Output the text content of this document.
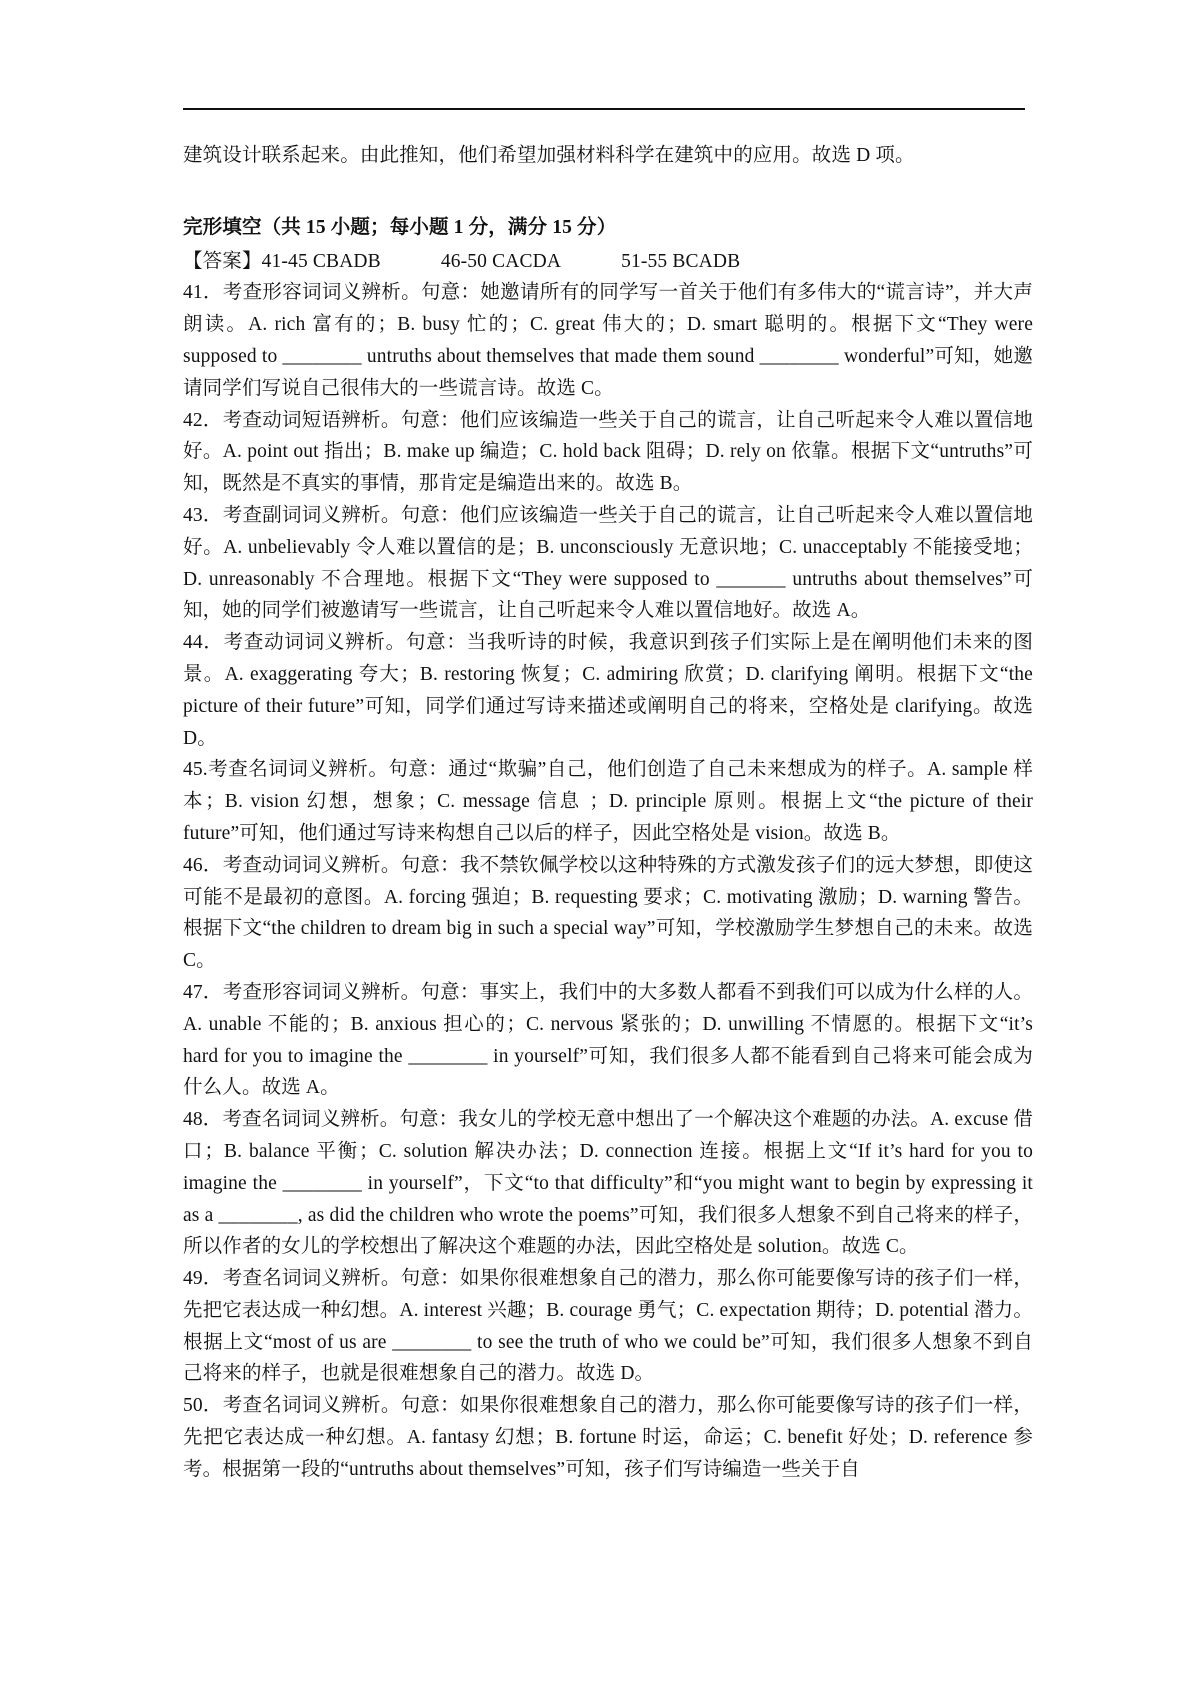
建筑设计联系起来。由此推知，他们希望加强材料科学在建筑中的应用。故选 D 项。

完形填空（共 15 小题；每小题 1 分，满分 15 分）

【答案】41-45 CBADB	46-50 CACDA	51-55 BCADB

41．考查形容词词义辨析。句意：她邀请所有的同学写一首关于他们有多伟大的“谎言诗”，并大声朗读。A. rich 富有的；B. busy 忙的；C. great 伟大的；D. smart 聪明的。根据下文“They were supposed to ________ untruths about themselves that made them sound ________ wonderful”可知，她邀请同学们写说自己很伟大的一些谎言诗。故选 C。

42．考查动词短语辨析。句意：他们应该编造一些关于自己的谎言，让自己听起来令人难以置信地好。A. point out 指出；B. make up 编造；C. hold back 阻碍；D. rely on 依靠。根据下文“untruths”可知，既然是不真实的事情，那肯定是编造出来的。故选 B。

43．考查副词词义辨析。句意：他们应该编造一些关于自己的谎言，让自己听起来令人难以置信地好。A. unbelievably 令人难以置信的是；B. unconsciously 无意识地；C. unacceptably 不能接受地；D. unreasonably 不合理地。根据下文“They were supposed to _______ untruths about themselves”可知，她的同学们被邀请写一些谎言，让自己听起来令人难以置信地好。故选 A。

44．考查动词词义辨析。句意：当我听诗的时候，我意识到孩子们实际上是在阐明他们未来的图景。A. exaggerating 夸大；B. restoring 恢复；C. admiring 欣赏；D. clarifying 阐明。根据下文“the picture of their future”可知，同学们通过写诗来描述或阐明自己的将来，空格处是 clarifying。故选 D。

45.考查名词词义辨析。句意：通过“欺骗”自己，他们创造了自己未来想成为的样子。A. sample 样本；B. vision 幻想，想象；C. message 信息 ；D. principle 原则。根据上文“the picture of their future”可知，他们通过写诗来构想自己以后的样子，因此空格处是 vision。故选 B。

46．考查动词词义辨析。句意：我不禁钦佩学校以这种特殊的方式激发孩子们的远大梦想，即使这可能不是最初的意图。A. forcing 强迫；B. requesting 要求；C. motivating 激励；D. warning 警告。根据下文“the children to dream big in such a special way”可知，学校激励学生梦想自己的未来。故选 C。

47．考查形容词词义辨析。句意：事实上，我们中的大多数人都看不到我们可以成为什么样的人。A. unable 不能的；B. anxious 担心的；C. nervous 紧张的；D. unwilling 不情愿的。根据下文“it’s hard for you to imagine the ________ in yourself”可知，我们很多人都不能看到自己将来可能会成为什么人。故选 A。

48．考查名词词义辨析。句意：我女儿的学校无意中想出了一个解决这个难题的办法。A. excuse 借口；B. balance 平衡；C. solution 解决办法；D. connection 连接。根据上文“If it’s hard for you to imagine the ________ in yourself”，下文“to that difficulty”和“you might want to begin by expressing it as a ________, as did the children who wrote the poems”可知，我们很多人想象不到自己将来的样子，所以作者的女儿的学校想出了解决这个难题的办法，因此空格处是 solution。故选 C。

49．考查名词词义辨析。句意：如果你很难想象自己的潜力，那么你可能要像写诗的孩子们一样，先把它表达成一种幻想。A. interest 兴趣；B. courage 勇气；C. expectation 期待；D. potential 潜力。根据上文“most of us are ________ to see the truth of who we could be”可知，我们很多人想象不到自己将来的样子，也就是很难想象自己的潜力。故选 D。

50．考查名词词义辨析。句意：如果你很难想象自己的潜力，那么你可能要像写诗的孩子们一样，先把它表达成一种幻想。A. fantasy 幻想；B. fortune 时运，命运；C. benefit 好处；D. reference 参考。根据第一段的“untruths about themselves”可知，孩子们写诗编造一些关于自
